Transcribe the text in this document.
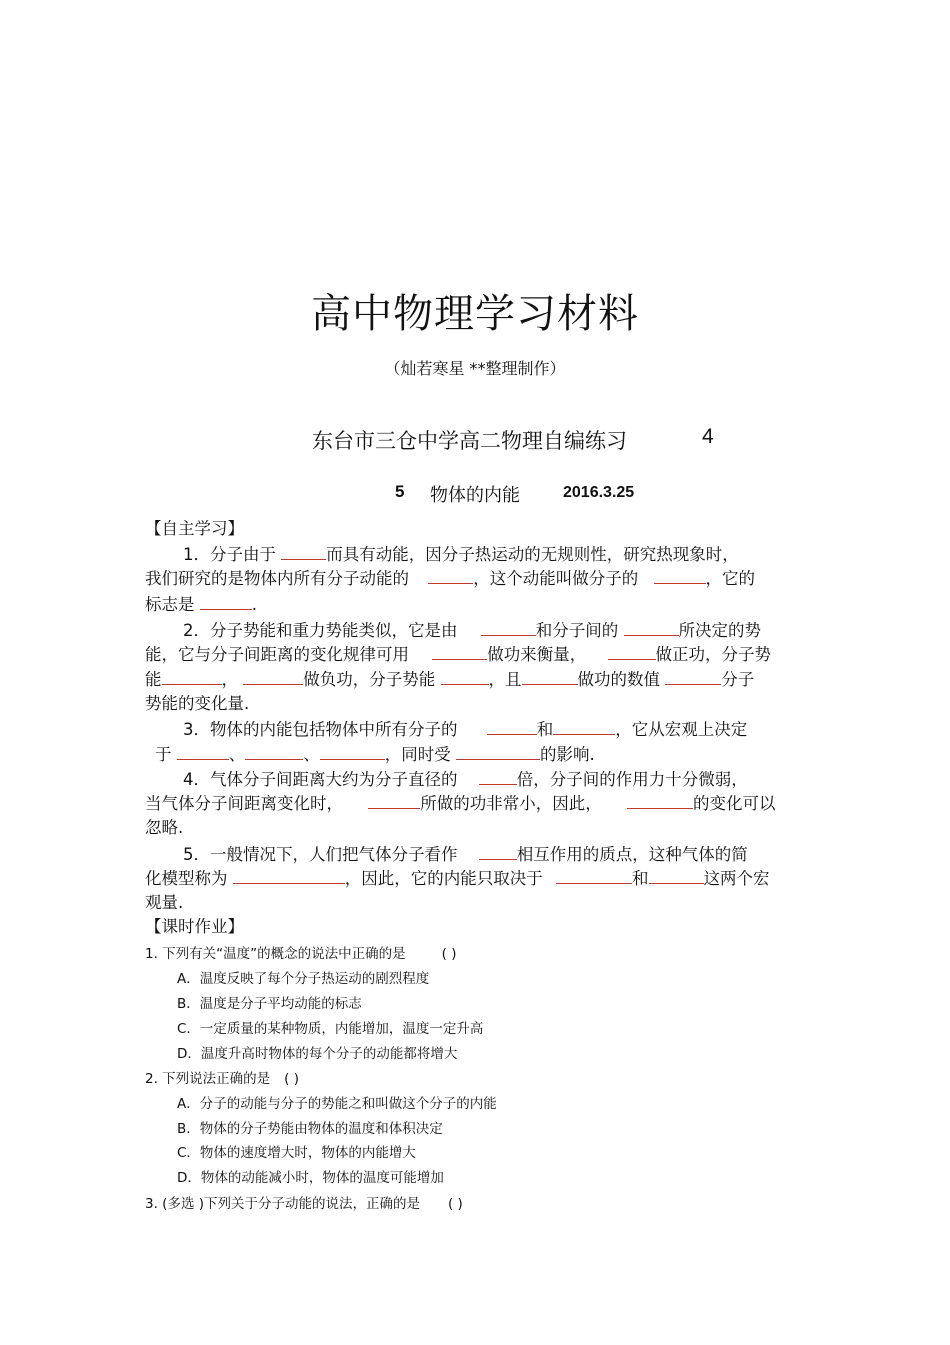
高中物理学习材料
（灿若寒星 **整理制作）
东台市三仓中学高二物理自编练习	4
5 物体的内能	2016.3.25
【自主学习】
1．分子由于	而具有动能，因分子热运动的无规则性，研究热现象时，
我们研究的是物体内所有分子动能的	，这个动能叫做分子的	，它的
标志是	.
2．分子势能和重力势能类似，它是由	和分子间的	所决定的势
能，它与分子间距离的变化规律可用	做功来衡量，	做正功，分子势
能	，	做负功，分子势能	，且	做功的数值	分子
势能的变化量.
3．物体的内能包括物体中所有分子的	和	，它从宏观上决定
于	、	、	，同时受	的影响.
4．气体分子间距离大约为分子直径的	倍，分子间的作用力十分微弱，
当气体分子间距离变化时，	所做的功非常小，因此，	的变化可以
忽略.
5．一般情况下，人们把气体分子看作	相互作用的质点，这种气体的简
化模型称为	，因此，它的内能只取决于	和	这两个宏
观量.
【课时作业】
1. 下列有关“温度”的概念的说法中正确的是	( )
A．温度反映了每个分子热运动的剧烈程度
B．温度是分子平均动能的标志
C．一定质量的某种物质，内能增加，温度一定升高
D．温度升高时物体的每个分子的动能都将增大
2. 下列说法正确的是 ( )
A．分子的动能与分子的势能之和叫做这个分子的内能
B．物体的分子势能由物体的温度和体积决定
C．物体的速度增大时，物体的内能增大
D．物体的动能减小时，物体的温度可能增加
3. (多选 )下列关于分子动能的说法，正确的是 ( )
